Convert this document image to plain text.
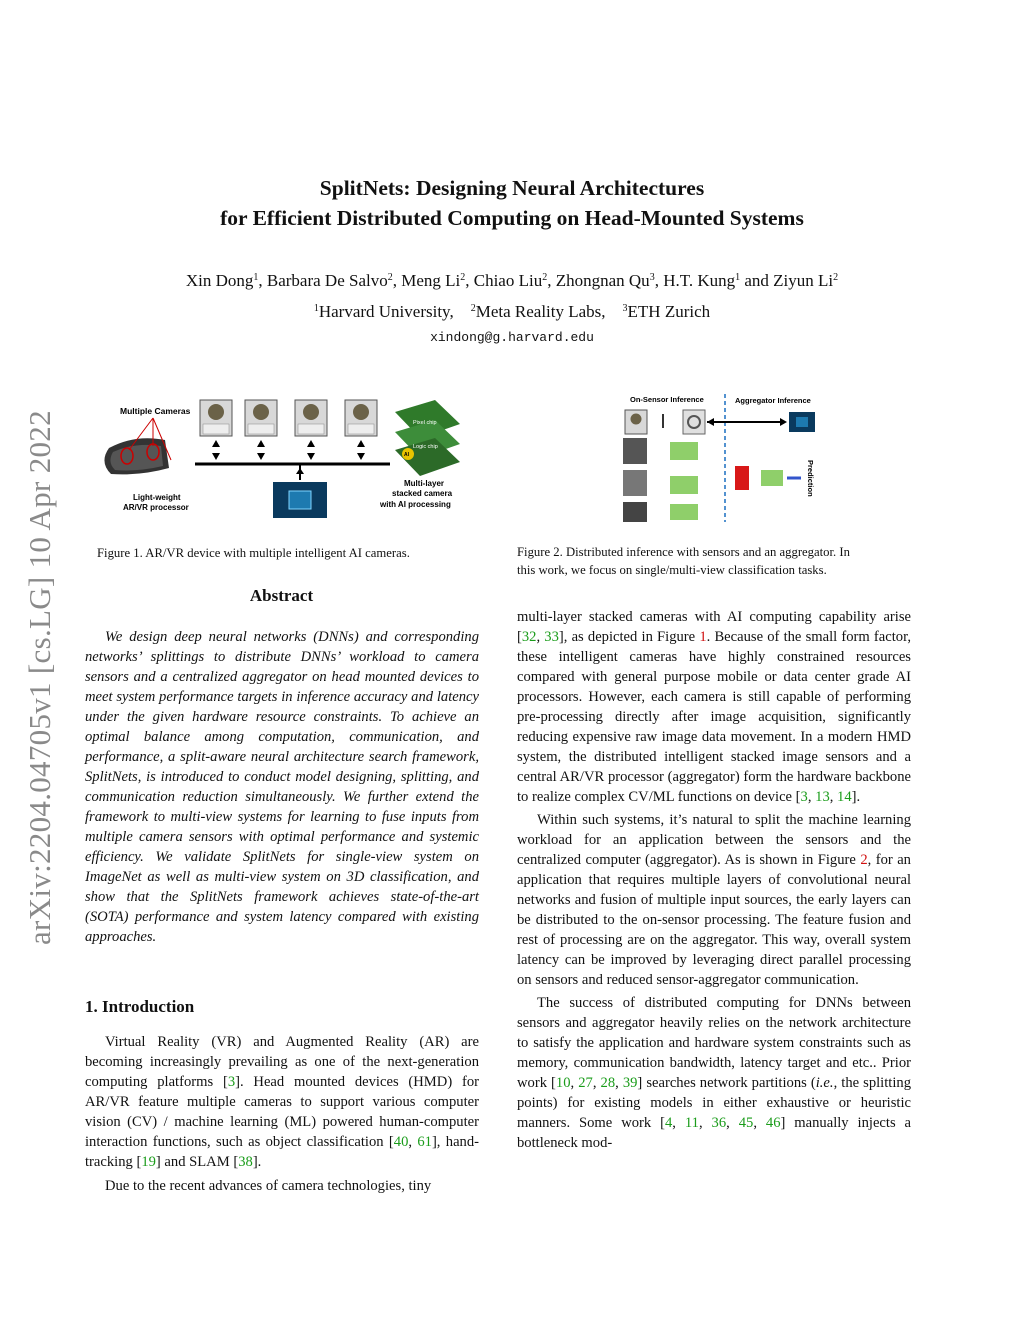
arXiv:2204.04705v1 [cs.LG] 10 Apr 2022
SplitNets: Designing Neural Architectures
for Efficient Distributed Computing on Head-Mounted Systems
Xin Dong$^1$, Barbara De Salvo$^2$, Meng Li$^2$, Chiao Liu$^2$, Zhongnan Qu$^3$, H.T. Kung$^1$ and Ziyun Li$^2$
$^1$Harvard University, $^2$Meta Reality Labs, $^3$ETH Zurich
xindong@g.harvard.edu
Multiple Cameras
Light-weight
AR/VR processor
Pixel chip
Logic chip
AI
Multi-layer
stacked camera
with AI processing
Figure 1. AR/VR device with multiple intelligent AI cameras.
On-Sensor Inference	Aggregator Inference
Prediction
Figure 2. Distributed inference with sensors and an aggregator. In
this work, we focus on single/multi-view classification tasks.
Abstract

We design deep neural networks (DNNs) and corresponding networks’ splittings to distribute DNNs’ workload to camera sensors and a centralized aggregator on head mounted devices to meet system performance targets in inference accuracy and latency under the given hardware resource constraints. To achieve an optimal balance among computation, communication, and performance, a split-aware neural architecture search framework, SplitNets, is introduced to conduct model designing, splitting, and communication reduction simultaneously. We further extend the framework to multi-view systems for learning to fuse inputs from multiple camera sensors with optimal performance and systemic efficiency. We validate SplitNets for single-view system on ImageNet as well as multi-view system on 3D classification, and show that the SplitNets framework achieves state-of-the-art (SOTA) performance and system latency compared with existing approaches.

1. Introduction

Virtual Reality (VR) and Augmented Reality (AR) are becoming increasingly prevailing as one of the next-generation computing platforms [3]. Head mounted devices (HMD) for AR/VR feature multiple cameras to support various computer vision (CV) / machine learning (ML) powered human-computer interaction functions, such as object classification [40, 61], hand-tracking [19] and SLAM [38].

Due to the recent advances of camera technologies, tiny

multi-layer stacked cameras with AI computing capability arise [32, 33], as depicted in Figure 1. Because of the small form factor, these intelligent cameras have highly constrained resources compared with general purpose mobile or data center grade AI processors. However, each camera is still capable of performing pre-processing directly after image acquisition, significantly reducing expensive raw image data movement. In a modern HMD system, the distributed intelligent stacked image sensors and a central AR/VR processor (aggregator) form the hardware backbone to realize complex CV/ML functions on device [3, 13, 14].

Within such systems, it’s natural to split the machine learning workload for an application between the sensors and the centralized computer (aggregator). As is shown in Figure 2, for an application that requires multiple layers of convolutional neural networks and fusion of multiple input sources, the early layers can be distributed to the on-sensor processing. The feature fusion and rest of processing are on the aggregator. This way, overall system latency can be improved by leveraging direct parallel processing on sensors and reduced sensor-aggregator communication.

The success of distributed computing for DNNs between sensors and aggregator heavily relies on the network architecture to satisfy the application and hardware system constraints such as memory, communication bandwidth, latency target and etc.. Prior work [10, 27, 28, 39] searches network partitions (i.e., the splitting points) for existing models in either exhaustive or heuristic manners. Some work [4, 11, 36, 45, 46] manually injects a bottleneck mod-
